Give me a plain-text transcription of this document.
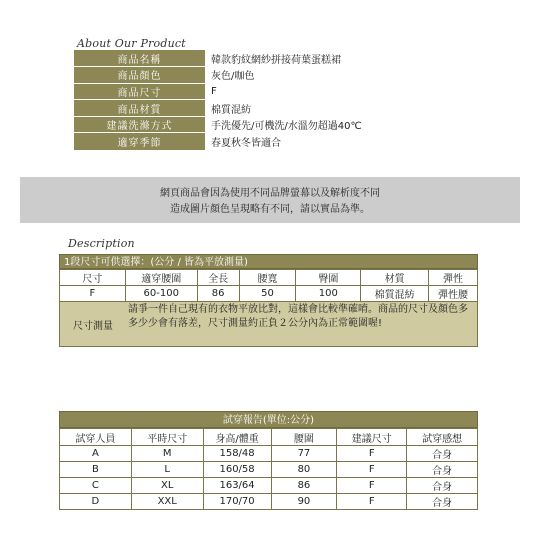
About Our Product
商品名稱	韓款豹紋網紗拼接荷葉蛋糕裙
商品顏色	灰色/咖色
商品尺寸	F
商品材質	棉質混紡
建議洗滌方式	手洗優先/可機洗/水溫勿超過40℃
適穿季節	春夏秋冬皆適合
網頁商品會因為使用不同品牌螢幕以及解析度不同
造成圖片顏色呈現略有不同，請以實品為準。
Description
1段尺寸可供選擇：(公分 / 皆為平放測量)
尺寸	適穿腰圍	全長	腰寬	臀圍	材質	彈性
F	60-100	86	50	100	棉質混紡	彈性腰
尺寸測量
請爭一件自己現有的衣物平放比對，這樣會比較準確唷。商品的尺寸及顏色多多少少會有落差，尺寸測量約正負２公分內為正常範圍喔!
試穿報告(單位:公分)
試穿人員	平時尺寸	身高/體重	腰圍	建議尺寸	試穿感想
A	M	158/48	77	F	合身
B	L	160/58	80	F	合身
C	XL	163/64	86	F	合身
D	XXL	170/70	90	F	合身
